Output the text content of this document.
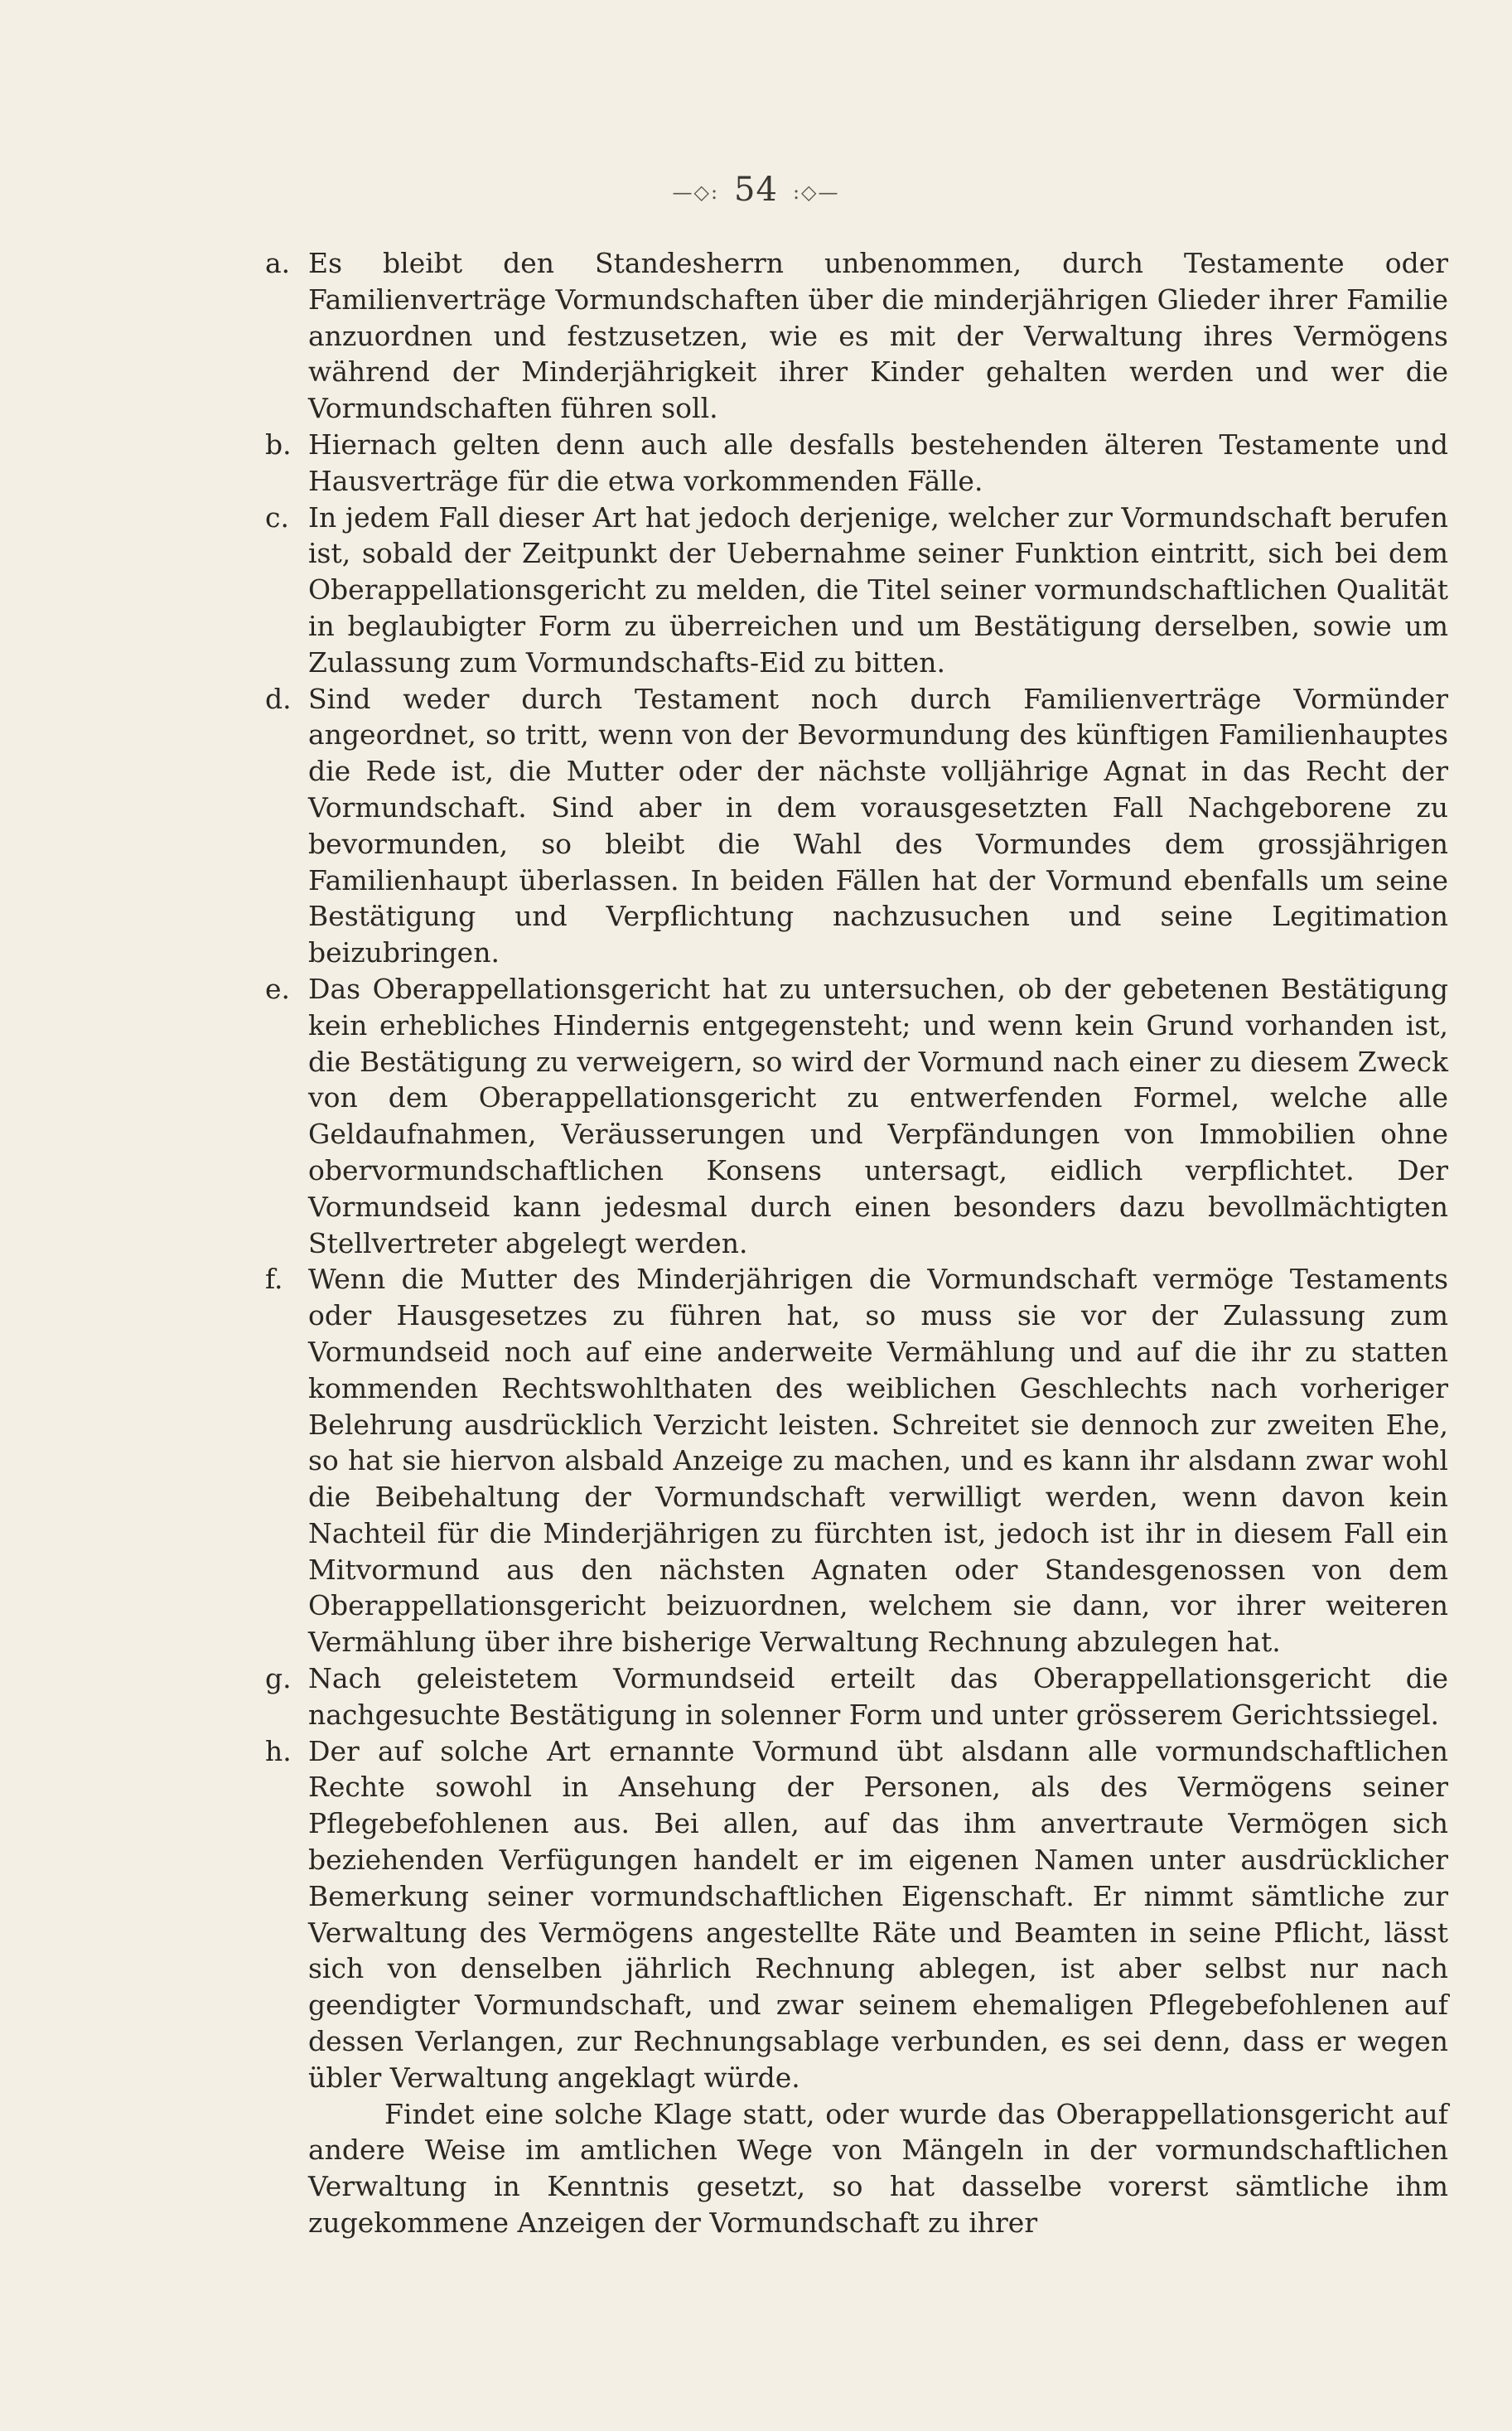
—◇: 54 :◇—

a. Es bleibt den Standesherrn unbenommen, durch Testamente oder Familienverträge Vormundschaften über die minderjährigen Glieder ihrer Familie anzuordnen und festzusetzen, wie es mit der Verwaltung ihres Vermögens während der Minderjährigkeit ihrer Kinder gehalten werden und wer die Vormundschaften führen soll.

b. Hiernach gelten denn auch alle desfalls bestehenden älteren Testamente und Hausverträge für die etwa vorkommenden Fälle.

c. In jedem Fall dieser Art hat jedoch derjenige, welcher zur Vormundschaft berufen ist, sobald der Zeitpunkt der Uebernahme seiner Funktion eintritt, sich bei dem Oberappellationsgericht zu melden, die Titel seiner vormundschaftlichen Qualität in beglaubigter Form zu überreichen und um Bestätigung derselben, sowie um Zulassung zum Vormundschafts-Eid zu bitten.

d. Sind weder durch Testament noch durch Familienverträge Vormünder angeordnet, so tritt, wenn von der Bevormundung des künftigen Familienhauptes die Rede ist, die Mutter oder der nächste volljährige Agnat in das Recht der Vormundschaft. Sind aber in dem vorausgesetzten Fall Nachgeborene zu bevormunden, so bleibt die Wahl des Vormundes dem grossjährigen Familienhaupt überlassen. In beiden Fällen hat der Vormund ebenfalls um seine Bestätigung und Verpflichtung nachzusuchen und seine Legitimation beizubringen.

e. Das Oberappellationsgericht hat zu untersuchen, ob der gebetenen Bestätigung kein erhebliches Hindernis entgegensteht; und wenn kein Grund vorhanden ist, die Bestätigung zu verweigern, so wird der Vormund nach einer zu diesem Zweck von dem Oberappellationsgericht zu entwerfenden Formel, welche alle Geldaufnahmen, Veräusserungen und Verpfändungen von Immobilien ohne obervormundschaftlichen Konsens untersagt, eidlich verpflichtet. Der Vormundseid kann jedesmal durch einen besonders dazu bevollmächtigten Stellvertreter abgelegt werden.

f. Wenn die Mutter des Minderjährigen die Vormundschaft vermöge Testaments oder Hausgesetzes zu führen hat, so muss sie vor der Zulassung zum Vormundseid noch auf eine anderweite Vermählung und auf die ihr zu statten kommenden Rechtswohlthaten des weiblichen Geschlechts nach vorheriger Belehrung ausdrücklich Verzicht leisten. Schreitet sie dennoch zur zweiten Ehe, so hat sie hiervon alsbald Anzeige zu machen, und es kann ihr alsdann zwar wohl die Beibehaltung der Vormundschaft verwilligt werden, wenn davon kein Nachteil für die Minderjährigen zu fürchten ist, jedoch ist ihr in diesem Fall ein Mitvormund aus den nächsten Agnaten oder Standesgenossen von dem Oberappellationsgericht beizuordnen, welchem sie dann, vor ihrer weiteren Vermählung über ihre bisherige Verwaltung Rechnung abzulegen hat.

g. Nach geleistetem Vormundseid erteilt das Oberappellationsgericht die nachgesuchte Bestätigung in solenner Form und unter grösserem Gerichtssiegel.

h. Der auf solche Art ernannte Vormund übt alsdann alle vormundschaftlichen Rechte sowohl in Ansehung der Personen, als des Vermögens seiner Pflegebefohlenen aus. Bei allen, auf das ihm anvertraute Vermögen sich beziehenden Verfügungen handelt er im eigenen Namen unter ausdrücklicher Bemerkung seiner vormundschaftlichen Eigenschaft. Er nimmt sämtliche zur Verwaltung des Vermögens angestellte Räte und Beamten in seine Pflicht, lässt sich von denselben jährlich Rechnung ablegen, ist aber selbst nur nach geendigter Vormundschaft, und zwar seinem ehemaligen Pflegebefohlenen auf dessen Verlangen, zur Rechnungsablage verbunden, es sei denn, dass er wegen übler Verwaltung angeklagt würde.

Findet eine solche Klage statt, oder wurde das Oberappellationsgericht auf andere Weise im amtlichen Wege von Mängeln in der vormundschaftlichen Verwaltung in Kenntnis gesetzt, so hat dasselbe vorerst sämtliche ihm zugekommene Anzeigen der Vormundschaft zu ihrer
